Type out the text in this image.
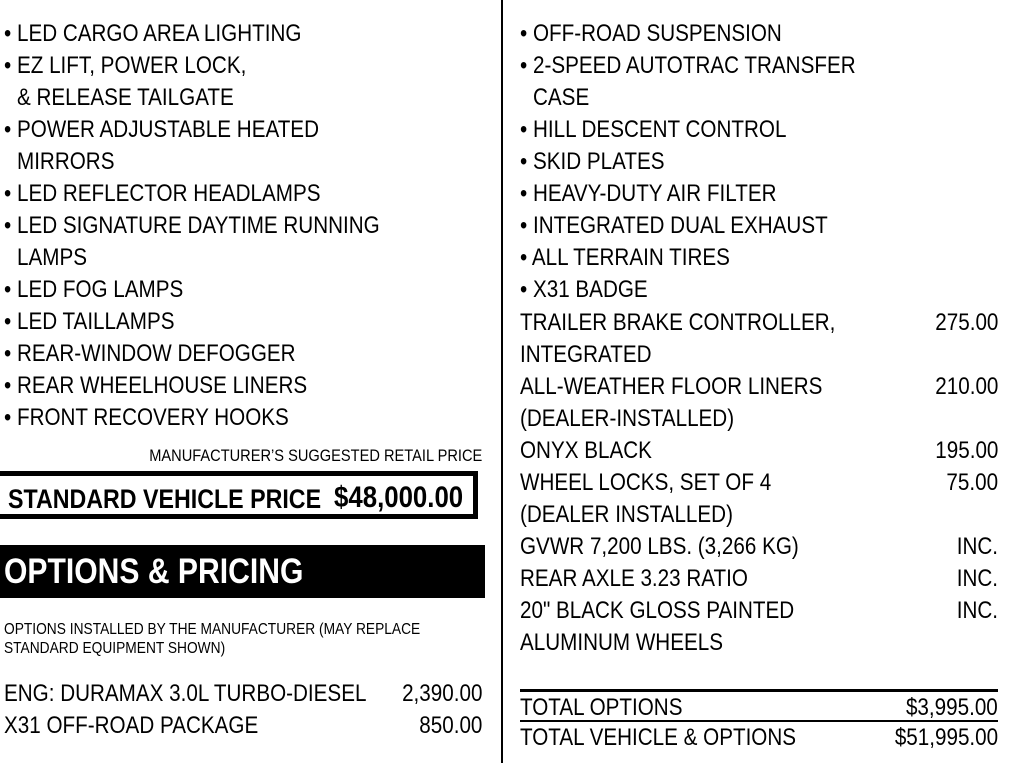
• LED CARGO AREA LIGHTING
• EZ LIFT, POWER LOCK,
& RELEASE TAILGATE
• POWER ADJUSTABLE HEATED
MIRRORS
• LED REFLECTOR HEADLAMPS
• LED SIGNATURE DAYTIME RUNNING
LAMPS
• LED FOG LAMPS
• LED TAILLAMPS
• REAR-WINDOW DEFOGGER
• REAR WHEELHOUSE LINERS
• FRONT RECOVERY HOOKS
MANUFACTURER’S SUGGESTED RETAIL PRICE
STANDARD VEHICLE PRICE $48,000.00
OPTIONS & PRICING
OPTIONS INSTALLED BY THE MANUFACTURER (MAY REPLACE
STANDARD EQUIPMENT SHOWN)
ENG: DURAMAX 3.0L TURBO-DIESEL	2,390.00
X31 OFF-ROAD PACKAGE	850.00
• OFF-ROAD SUSPENSION
• 2-SPEED AUTOTRAC TRANSFER
CASE
• HILL DESCENT CONTROL
• SKID PLATES
• HEAVY-DUTY AIR FILTER
• INTEGRATED DUAL EXHAUST
• ALL TERRAIN TIRES
• X31 BADGE
TRAILER BRAKE CONTROLLER,
INTEGRATED
275.00
ALL-WEATHER FLOOR LINERS
(DEALER-INSTALLED)
210.00
ONYX BLACK	195.00
WHEEL LOCKS, SET OF 4
(DEALER INSTALLED)
75.00
GVWR 7,200 LBS. (3,266 KG)	INC.
REAR AXLE 3.23 RATIO	INC.
20" BLACK GLOSS PAINTED
ALUMINUM WHEELS
INC.
TOTAL OPTIONS	$3,995.00
TOTAL VEHICLE & OPTIONS	$51,995.00
